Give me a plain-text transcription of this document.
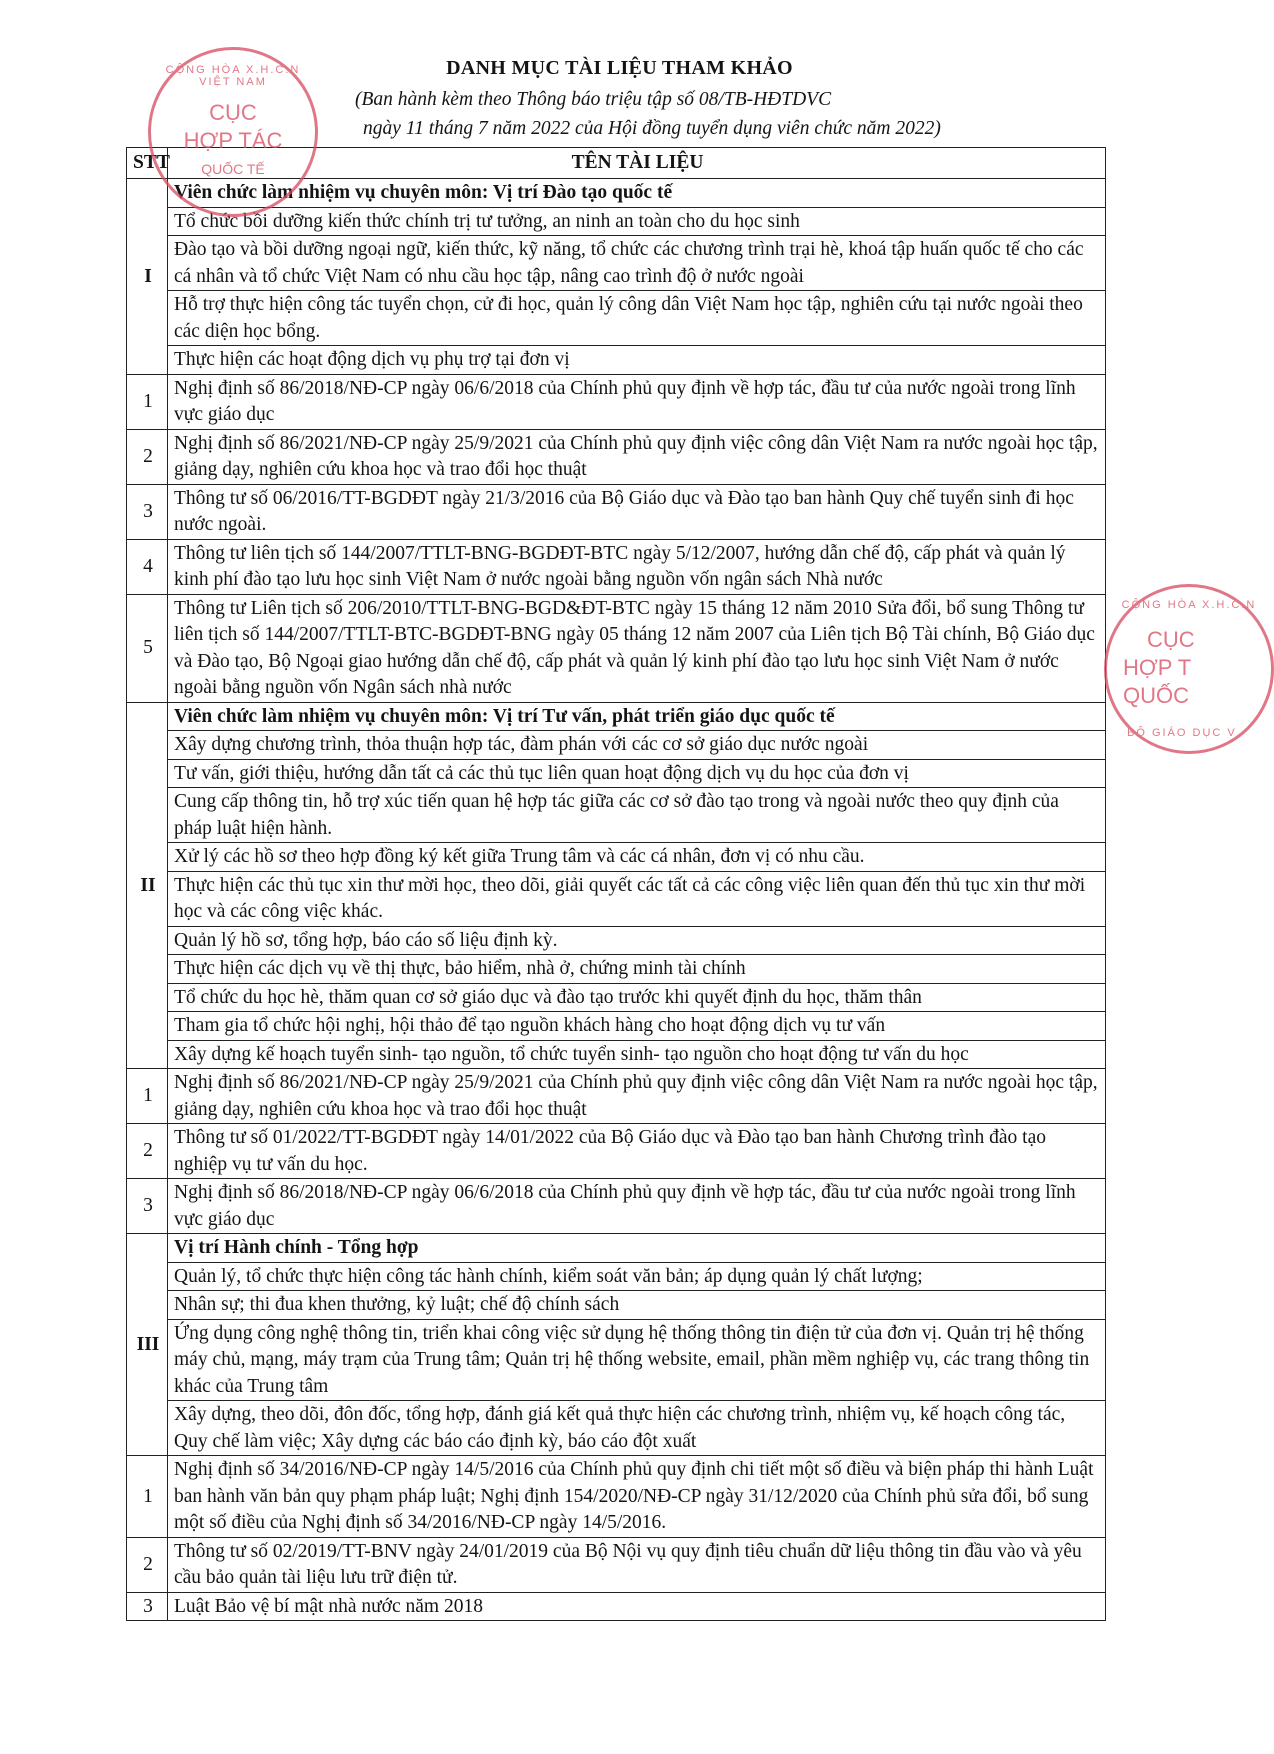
DANH MỤC TÀI LIỆU THAM KHẢO
(Ban hành kèm theo Thông báo triệu tập số 08/TB-HĐTDVC
ngày 11 tháng 7 năm 2022 của Hội đồng tuyển dụng viên chức năm 2022)
STT	TÊN TÀI LIỆU
I	Viên chức làm nhiệm vụ chuyên môn: Vị trí Đào tạo quốc tế
	Tổ chức bồi dưỡng kiến thức chính trị tư tưởng, an ninh an toàn cho du học sinh
	Đào tạo và bồi dưỡng ngoại ngữ, kiến thức, kỹ năng, tổ chức các chương trình trại hè, khoá tập huấn quốc tế cho các cá nhân và tổ chức Việt Nam có nhu cầu học tập, nâng cao trình độ ở nước ngoài
	Hỗ trợ thực hiện công tác tuyển chọn, cử đi học, quản lý công dân Việt Nam học tập, nghiên cứu tại nước ngoài theo các diện học bổng.
	Thực hiện các hoạt động dịch vụ phụ trợ tại đơn vị
1	Nghị định số 86/2018/NĐ-CP ngày 06/6/2018 của Chính phủ quy định về hợp tác, đầu tư của nước ngoài trong lĩnh vực giáo dục
2	Nghị định số 86/2021/NĐ-CP ngày 25/9/2021 của Chính phủ quy định việc công dân Việt Nam ra nước ngoài học tập, giảng dạy, nghiên cứu khoa học và trao đổi học thuật
3	Thông tư số 06/2016/TT-BGDĐT ngày 21/3/2016 của Bộ Giáo dục và Đào tạo ban hành Quy chế tuyển sinh đi học nước ngoài.
4	Thông tư liên tịch số 144/2007/TTLT-BNG-BGDĐT-BTC ngày 5/12/2007, hướng dẫn chế độ, cấp phát và quản lý kinh phí đào tạo lưu học sinh Việt Nam ở nước ngoài bằng nguồn vốn ngân sách Nhà nước
5	Thông tư Liên tịch số 206/2010/TTLT-BNG-BGD&ĐT-BTC ngày 15 tháng 12 năm 2010 Sửa đổi, bổ sung Thông tư liên tịch số 144/2007/TTLT-BTC-BGDĐT-BNG ngày 05 tháng 12 năm 2007 của Liên tịch Bộ Tài chính, Bộ Giáo dục và Đào tạo, Bộ Ngoại giao hướng dẫn chế độ, cấp phát và quản lý kinh phí đào tạo lưu học sinh Việt Nam ở nước ngoài bằng nguồn vốn Ngân sách nhà nước
II	Viên chức làm nhiệm vụ chuyên môn: Vị trí Tư vấn, phát triển giáo dục quốc tế
	Xây dựng chương trình, thỏa thuận hợp tác, đàm phán với các cơ sở giáo dục nước ngoài
	Tư vấn, giới thiệu, hướng dẫn tất cả các thủ tục liên quan hoạt động dịch vụ du học của đơn vị
	Cung cấp thông tin, hỗ trợ xúc tiến quan hệ hợp tác giữa các cơ sở đào tạo trong và ngoài nước theo quy định của pháp luật hiện hành.
	Xử lý các hồ sơ theo hợp đồng ký kết giữa Trung tâm và các cá nhân, đơn vị có nhu cầu.
	Thực hiện các thủ tục xin thư mời học, theo dõi, giải quyết các tất cả các công việc liên quan đến thủ tục xin thư mời học và các công việc khác.
	Quản lý hồ sơ, tổng hợp, báo cáo số liệu định kỳ.
	Thực hiện các dịch vụ về thị thực, bảo hiểm, nhà ở, chứng minh tài chính
	Tổ chức du học hè, thăm quan cơ sở giáo dục và đào tạo trước khi quyết định du học, thăm thân
	Tham gia tổ chức hội nghị, hội thảo để tạo nguồn khách hàng cho hoạt động dịch vụ tư vấn
	Xây dựng kế hoạch tuyển sinh- tạo nguồn, tổ chức tuyển sinh- tạo nguồn cho hoạt động tư vấn du học
1	Nghị định số 86/2021/NĐ-CP ngày 25/9/2021 của Chính phủ quy định việc công dân Việt Nam ra nước ngoài học tập, giảng dạy, nghiên cứu khoa học và trao đổi học thuật
2	Thông tư số 01/2022/TT-BGDĐT ngày 14/01/2022 của Bộ Giáo dục và Đào tạo ban hành Chương trình đào tạo nghiệp vụ tư vấn du học.
3	Nghị định số 86/2018/NĐ-CP ngày 06/6/2018 của Chính phủ quy định về hợp tác, đầu tư của nước ngoài trong lĩnh vực giáo dục
III	Vị trí Hành chính - Tổng hợp
	Quản lý, tổ chức thực hiện công tác hành chính, kiểm soát văn bản; áp dụng quản lý chất lượng;
	Nhân sự; thi đua khen thưởng, kỷ luật; chế độ chính sách
	Ứng dụng công nghệ thông tin, triển khai công việc sử dụng hệ thống thông tin điện tử của đơn vị. Quản trị hệ thống máy chủ, mạng, máy trạm của Trung tâm; Quản trị hệ thống website, email, phần mềm nghiệp vụ, các trang thông tin khác của Trung tâm
	Xây dựng, theo dõi, đôn đốc, tổng hợp, đánh giá kết quả thực hiện các chương trình, nhiệm vụ, kế hoạch công tác, Quy chế làm việc; Xây dựng các báo cáo định kỳ, báo cáo đột xuất
1	Nghị định số 34/2016/NĐ-CP ngày 14/5/2016 của Chính phủ quy định chi tiết một số điều và biện pháp thi hành Luật ban hành văn bản quy phạm pháp luật; Nghị định 154/2020/NĐ-CP ngày 31/12/2020 của Chính phủ sửa đổi, bổ sung một số điều của Nghị định số 34/2016/NĐ-CP ngày 14/5/2016.
2	Thông tư số 02/2019/TT-BNV ngày 24/01/2019 của Bộ Nội vụ quy định tiêu chuẩn dữ liệu thông tin đầu vào và yêu cầu bảo quản tài liệu lưu trữ điện tử.
3	Luật Bảo vệ bí mật nhà nước năm 2018
CỘNG HÒA X.H.C.N VIỆT NAM
CỤC
HỢP TÁC
QUỐC TẾ
CỘNG HÒA X.H.C.N
CỤC
HỢP T
QUỐC
BỘ GIÁO DỤC V
